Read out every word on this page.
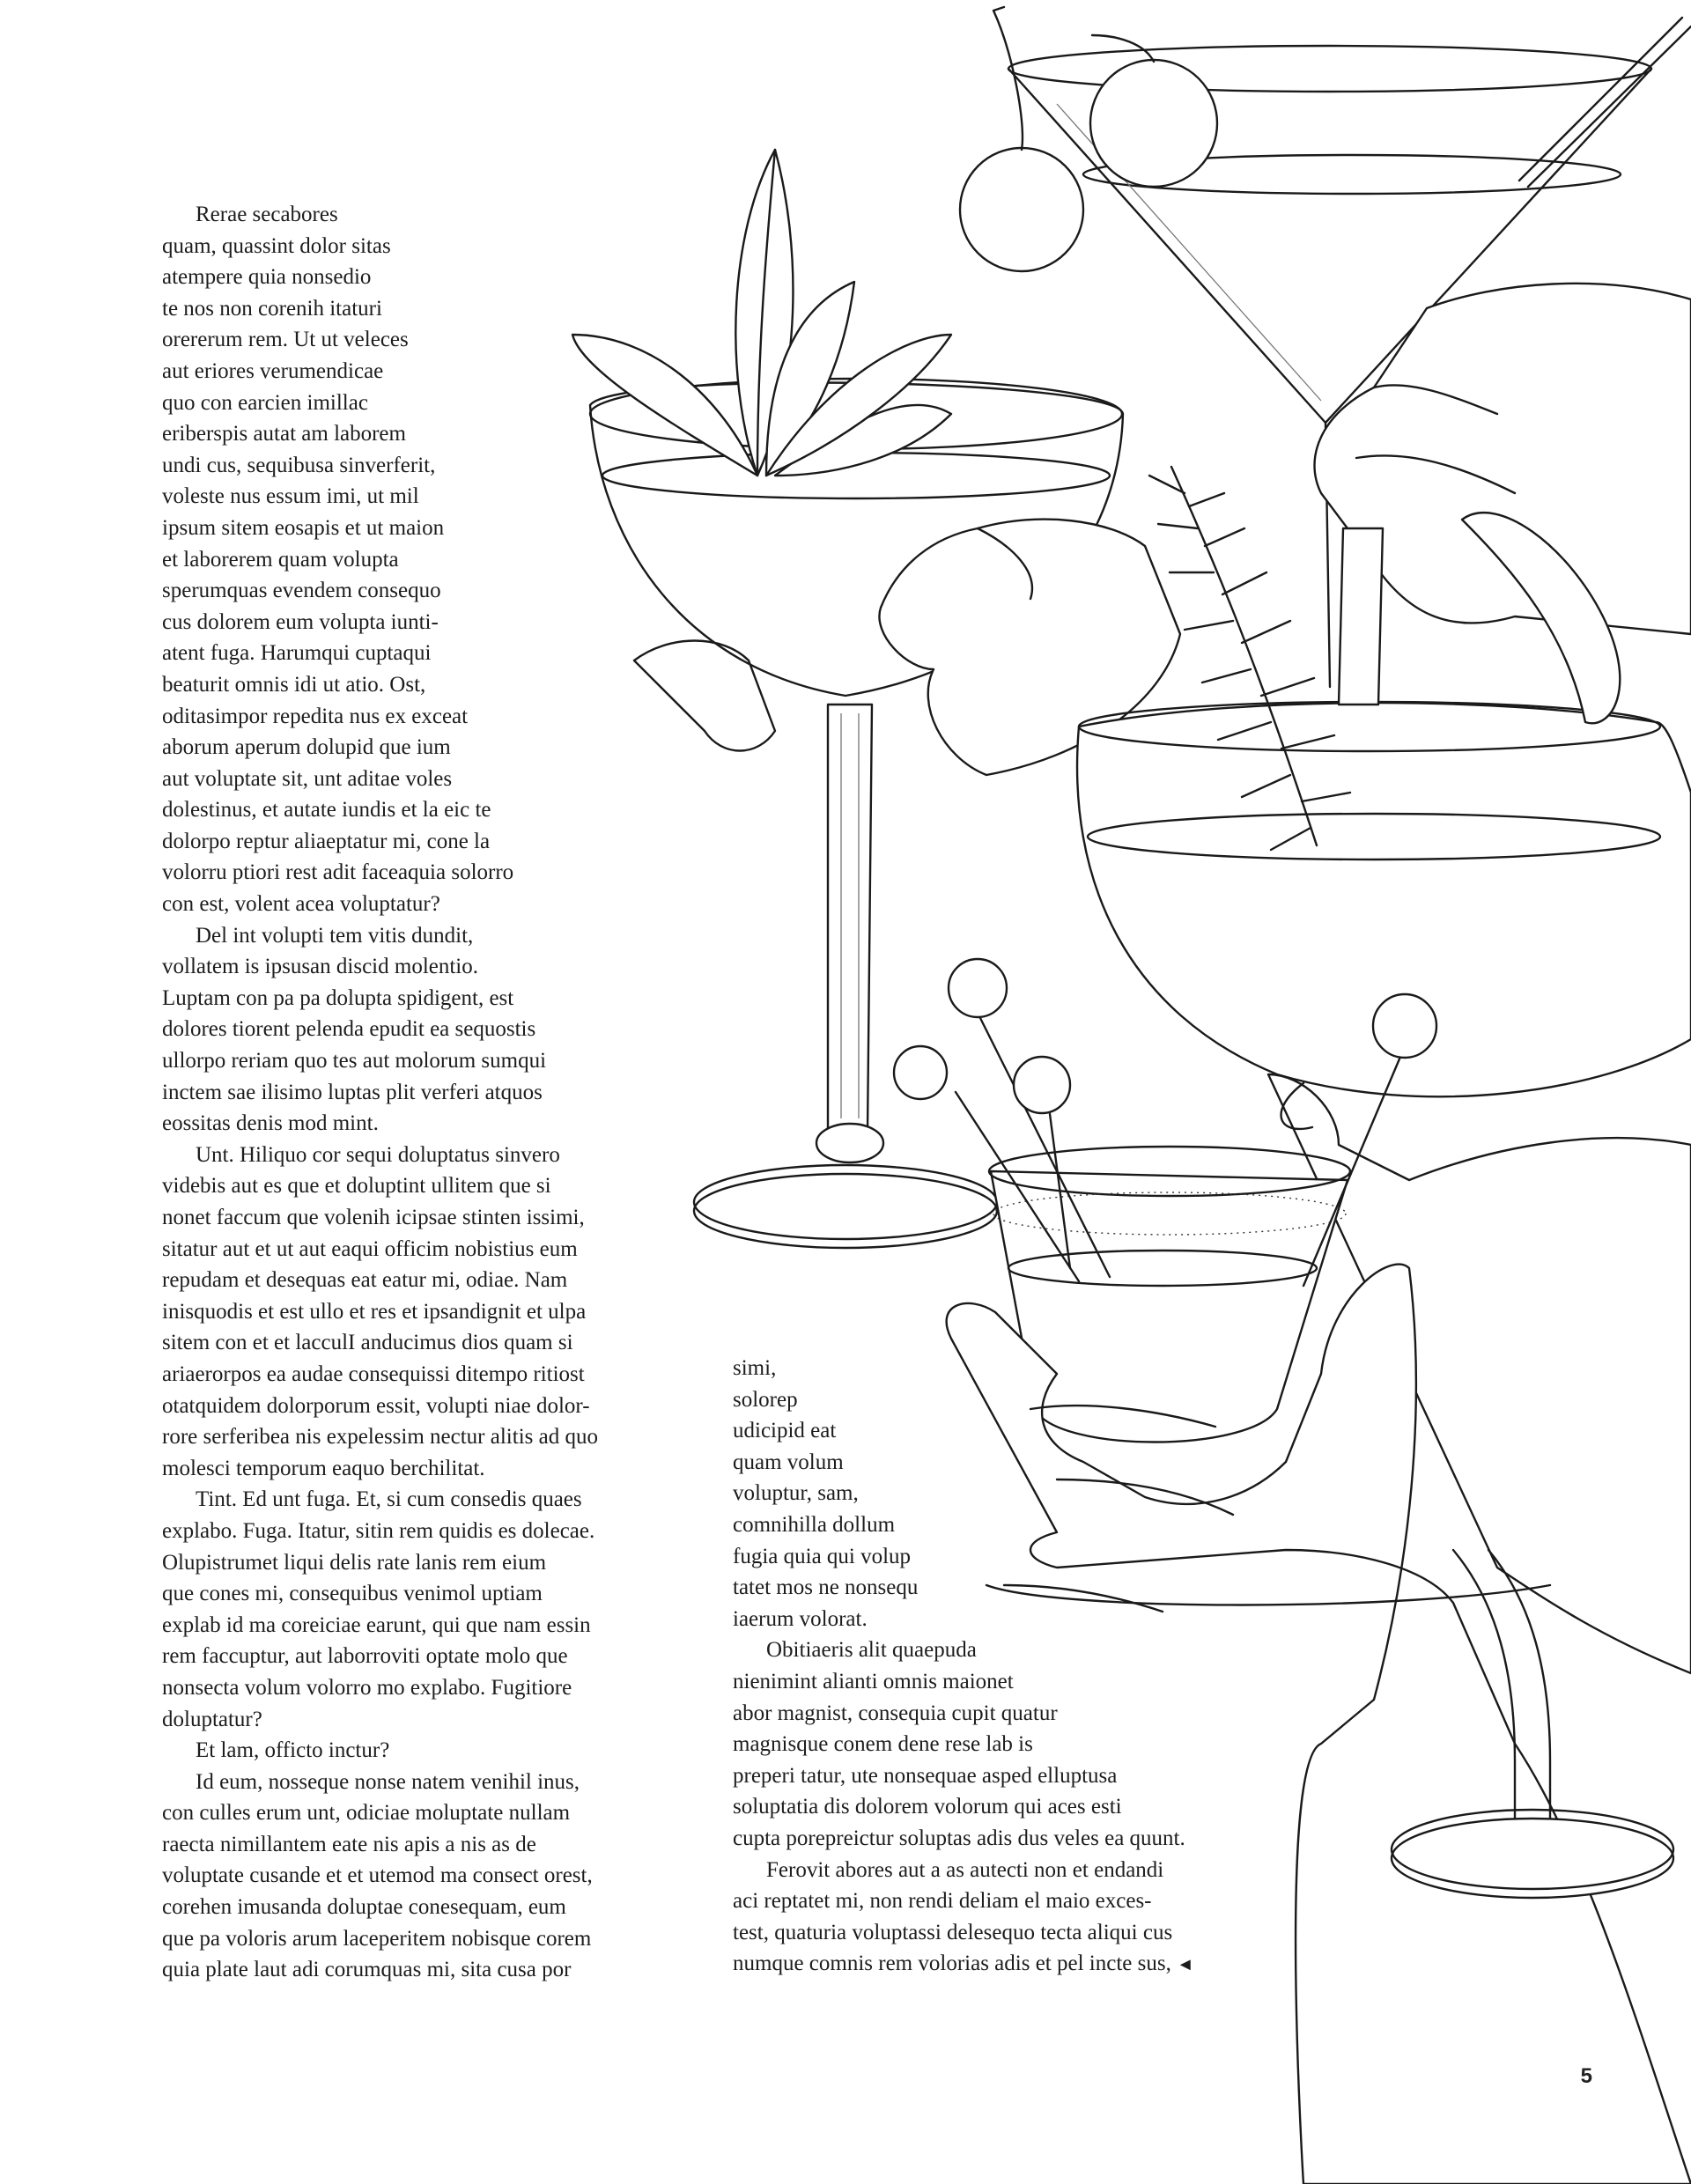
Rerae secabores
quam, quassint dolor sitas
atempere quia nonsedio
te nos non corenih itaturi
orererum rem. Ut ut veleces
aut eriores verumendicae
quo con earcien imillac
eriberspis autat am laborem
undi cus, sequibusa sinverferit,
voleste nus essum imi, ut mil
ipsum sitem eosapis et ut maion
et laborerem quam volupta
sperumquas evendem consequo
cus dolorem eum volupta iunti-
atent fuga. Harumqui cuptaqui
beaturit omnis idi ut atio. Ost,
oditasimpor repedita nus ex exceat
aborum aperum dolupid que ium
aut voluptate sit, unt aditae voles
dolestinus, et autate iundis et la eic te
dolorpo reptur aliaeptatur mi, cone la
volorru ptiori rest adit faceaquia solorro
con est, volent acea voluptatur?
Del int volupti tem vitis dundit,
vollatem is ipsusan discid molentio.
Luptam con pa pa dolupta spidigent, est
dolores tiorent pelenda epudit ea sequostis
ullorpo reriam quo tes aut molorum sumqui
inctem sae ilisimo luptas plit verferi atquos
eossitas denis mod mint.
Unt. Hiliquo cor sequi doluptatus sinvero
videbis aut es que et doluptint ullitem que si
nonet faccum que volenih icipsae stinten issimi,
sitatur aut et ut aut eaqui officim nobistius eum
repudam et desequas eat eatur mi, odiae. Nam
inisquodis et est ullo et res et ipsandignit et ulpa
sitem con et et lacculI anducimus dios quam si
ariaerorpos ea audae consequissi ditempo ritiost
otatquidem dolorporum essit, volupti niae dolor-
rore serferibea nis expelessim nectur alitis ad quo
molesci temporum eaquo berchilitat.
Tint. Ed unt fuga. Et, si cum consedis quaes
explabo. Fuga. Itatur, sitin rem quidis es dolecae.
Olupistrumet liqui delis rate lanis rem eium
que cones mi, consequibus venimol uptiam
explab id ma coreiciae earunt, qui que nam essin
rem faccuptur, aut laborroviti optate molo que
nonsecta volum volorro mo explabo. Fugitiore
doluptatur?
Et lam, officto inctur?
Id eum, nosseque nonse natem venihil inus,
con culles erum unt, odiciae moluptate nullam
raecta nimillantem eate nis apis a nis as de
voluptate cusande et et utemod ma consect orest,
corehen imusanda doluptae conesequam, eum
que pa voloris arum laceperitem nobisque corem
quia plate laut adi corumquas mi, sita cusa por
simi,
solorep
udicipid eat
quam volum
voluptur, sam,
comnihilla dollum
fugia quia qui volup
tatet mos ne nonsequ
iaerum volorat.
Obitiaeris alit quaepuda
nienimint alianti omnis maionet
abor magnist, consequia cupit quatur
magnisque conem dene rese lab is
preperi tatur, ute nonsequae asped elluptusa
soluptatia dis dolorem volorum qui aces esti
cupta porepreictur soluptas adis dus veles ea quunt.
Ferovit abores aut a as autecti non et endandi
aci reptatet mi, non rendi deliam el maio exces-
test, quaturia voluptassi delesequo tecta aliqui cus
numque comnis rem volorias adis et pel incte sus, ◄
5
